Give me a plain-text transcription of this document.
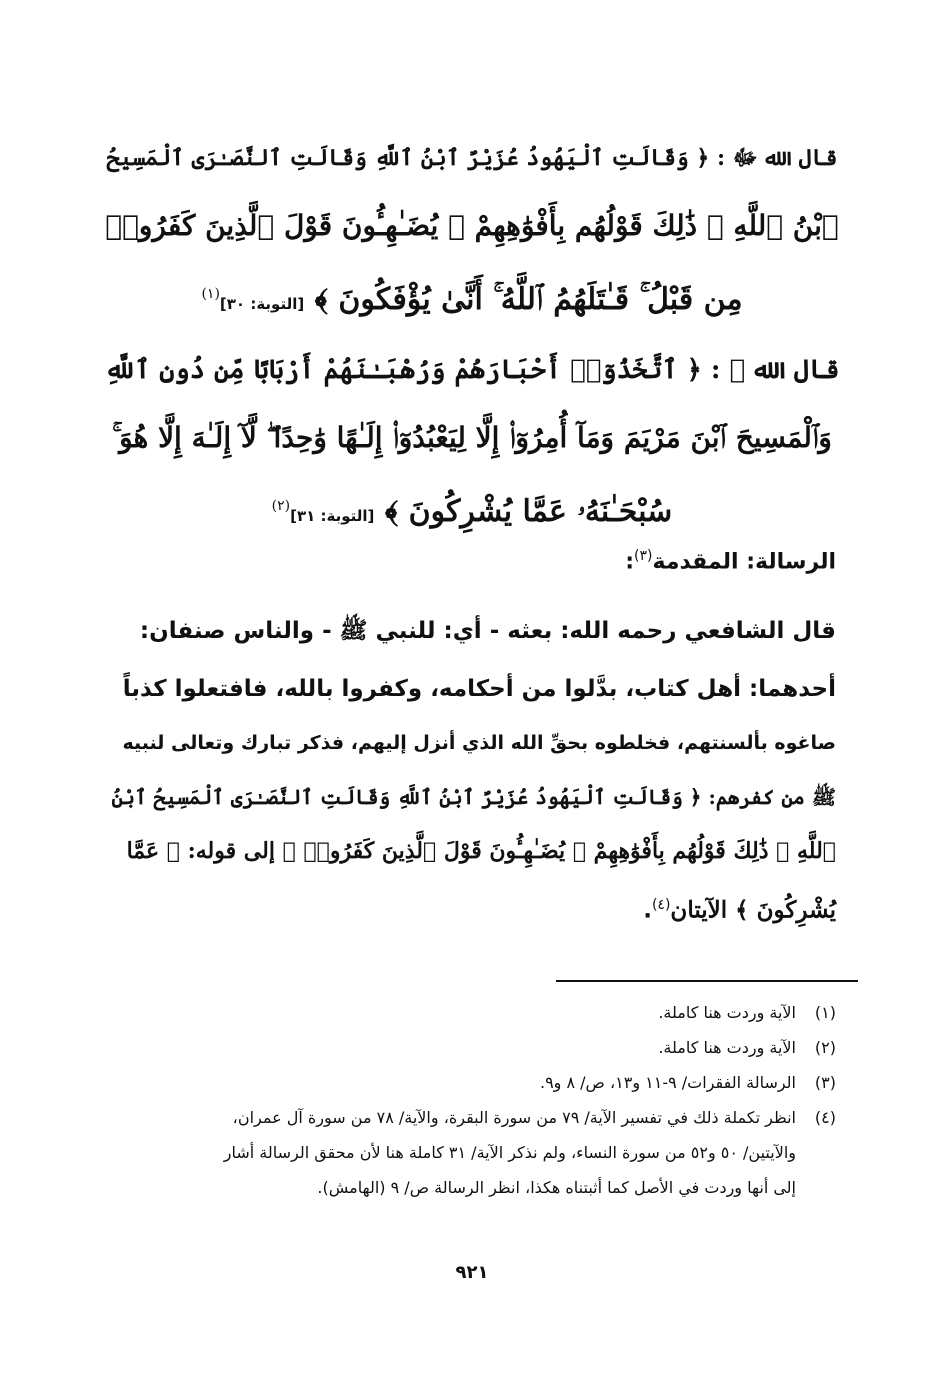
قال الله ﷻ : ﴿ وَقَالَتِ ٱلْيَهُودُ عُزَيْرٌ ٱبْنُ ٱللَّهِ وَقَالَتِ ٱلنَّصَـٰرَى ٱلْمَسِيحُ
ٱبْنُ ٱللَّهِ ۖ ذَٰلِكَ قَوْلُهُم بِأَفْوَٰهِهِمْ ۖ يُضَـٰهِـُٔونَ قَوْلَ ٱلَّذِينَ كَفَرُوا۟
مِن قَبْلُ ۚ قَـٰتَلَهُمُ ٱللَّهُ ۚ أَنَّىٰ يُؤْفَكُونَ ﴾ [التوبة: ٣٠]$^{(١)}$
قال الله ﷻ : ﴿ ٱتَّخَذُوٓا۟ أَحْبَارَهُمْ وَرُهْبَـٰنَهُمْ أَرْبَابًا مِّن دُونِ ٱللَّهِ
وَٱلْمَسِيحَ ٱبْنَ مَرْيَمَ وَمَآ أُمِرُوٓا۟ إِلَّا لِيَعْبُدُوٓا۟ إِلَـٰهًا وَٰحِدًا ۖ لَّآ إِلَـٰهَ إِلَّا هُوَ ۚ
سُبْحَـٰنَهُۥ عَمَّا يُشْرِكُونَ ﴾ [التوبة: ٣١]$^{(٢)}$
الرسالة: المقدمة$^{(٣)}$:
قال الشافعي رحمه الله: بعثه - أي: للنبي ﷺ - والناس صنفان:
أحدهما: أهل كتاب، بدَّلوا من أحكامه، وكفروا بالله، فافتعلوا كذباً
صاغوه بألسنتهم، فخلطوه بحقِّ الله الذي أنزل إليهم، فذكر تبارك وتعالى لنبيه
ﷺ من كفرهم: ﴿ وَقَالَتِ ٱلْيَهُودُ عُزَيْرٌ ٱبْنُ ٱللَّهِ وَقَالَتِ ٱلنَّصَـٰرَى ٱلْمَسِيحُ ٱبْنُ
ٱللَّهِ ۖ ذَٰلِكَ قَوْلُهُم بِأَفْوَٰهِهِمْ ۖ يُضَـٰهِـُٔونَ قَوْلَ ٱلَّذِينَ كَفَرُوا۟ ﴾ إلى قوله: ﴿ عَمَّا
يُشْرِكُونَ ﴾ الآيتان$^{(٤)}$.
(١)
الآية وردت هنا كاملة.
(٢)
الآية وردت هنا كاملة.
(٣)
الرسالة الفقرات/ ٩-١١ و١٣، ص/ ٨ و٩.
(٤)
انظر تكملة ذلك في تفسير الآية/ ٧٩ من سورة البقرة، والآية/ ٧٨ من سورة آل عمران،
والآيتين/ ٥٠ و٥٢ من سورة النساء، ولم نذكر الآية/ ٣١ كاملة هنا لأن محقق الرسالة أشار
إلى أنها وردت في الأصل كما أثبتناه هكذا، انظر الرسالة ص/ ٩ (الهامش).
٩٢١
